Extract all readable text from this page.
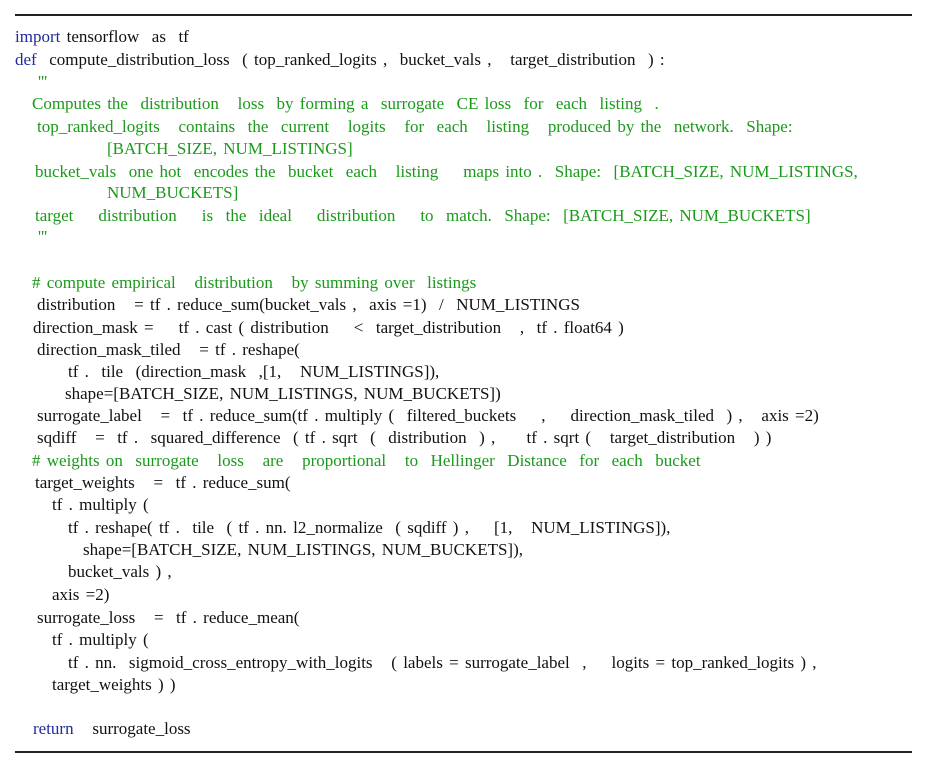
import tensorflow  as  tf
def  compute_distribution_loss  ( top_ranked_logits ,  bucket_vals ,   target_distribution  ) :
'''
Computes the  distribution   loss  by forming a  surrogate  CE loss  for  each  listing  .
top_ranked_logits   contains  the  current   logits   for  each   listing   produced by the  network.  Shape:
[BATCH_SIZE, NUM_LISTINGS]
bucket_vals  one hot  encodes the  bucket  each   listing    maps into .  Shape:  [BATCH_SIZE, NUM_LISTINGS,
NUM_BUCKETS]
target    distribution    is  the  ideal    distribution    to  match.  Shape:  [BATCH_SIZE, NUM_BUCKETS]
'''
# compute empirical   distribution   by summing over  listings
distribution   = tf . reduce_sum(bucket_vals ,  axis =1)  /  NUM_LISTINGS
direction_mask =    tf . cast ( distribution    <  target_distribution   ,  tf . float64 )
direction_mask_tiled   = tf . reshape(
tf .  tile  (direction_mask  ,[1,   NUM_LISTINGS]),
shape=[BATCH_SIZE, NUM_LISTINGS, NUM_BUCKETS])
surrogate_label   =  tf . reduce_sum(tf . multiply (  filtered_buckets    ,    direction_mask_tiled  ) ,   axis =2)
sqdiff   =  tf .  squared_difference  ( tf . sqrt  (  distribution  ) ,     tf . sqrt (   target_distribution   ) )
# weights on  surrogate   loss   are   proportional   to  Hellinger  Distance  for  each  bucket
target_weights   =  tf . reduce_sum(
tf . multiply (
tf . reshape( tf .  tile  ( tf . nn. l2_normalize  ( sqdiff ) ,    [1,   NUM_LISTINGS]),
shape=[BATCH_SIZE, NUM_LISTINGS, NUM_BUCKETS]),
bucket_vals ) ,
axis =2)
surrogate_loss   =  tf . reduce_mean(
tf . multiply (
tf . nn.  sigmoid_cross_entropy_with_logits   ( labels = surrogate_label  ,    logits = top_ranked_logits ) ,
target_weights ) )
return   surrogate_loss
